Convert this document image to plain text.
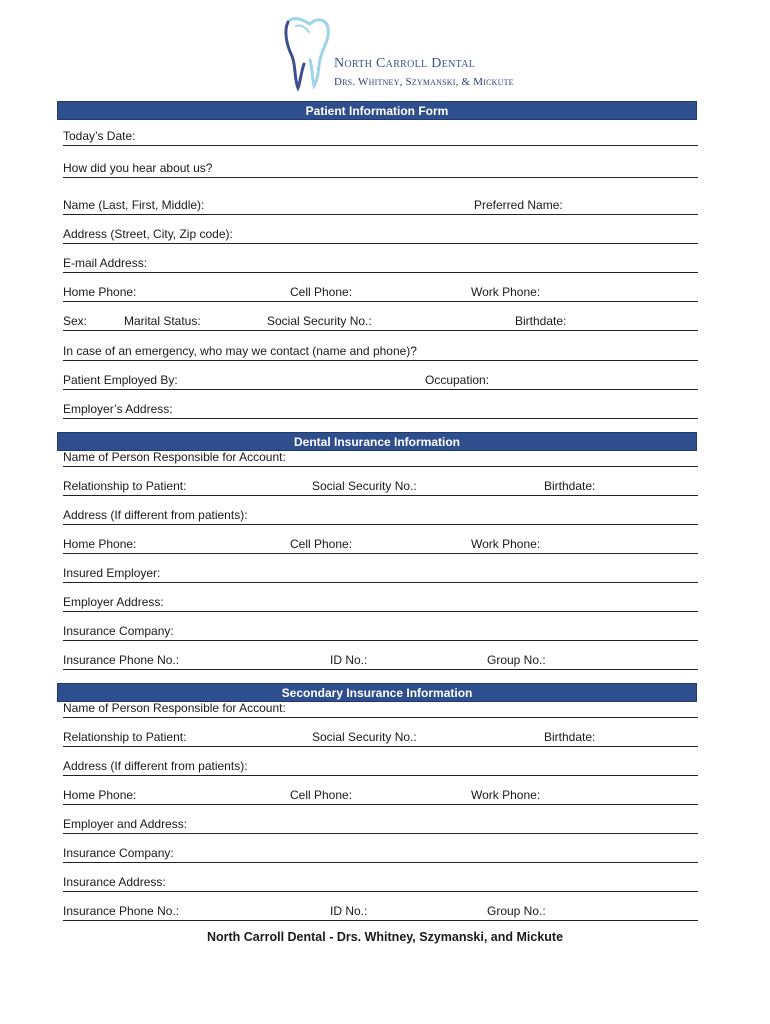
North Carroll Dental
Drs. Whitney, Szymanski, & Mickute
Patient Information Form
Today’s Date:
How did you hear about us?
Name (Last, First, Middle):	Preferred Name:
Address (Street, City, Zip code):
E-mail Address:
Home Phone:	Cell Phone:	Work Phone:
Sex:	Marital Status:	Social Security No.:	Birthdate:
In case of an emergency, who may we contact (name and phone)?
Patient Employed By:	Occupation:
Employer’s Address:
Dental Insurance Information
Name of Person Responsible for Account:
Relationship to Patient:	Social Security No.:	Birthdate:
Address (If different from patients):
Home Phone:	Cell Phone:	Work Phone:
Insured Employer:
Employer Address:
Insurance Company:
Insurance Phone No.:	ID No.:	Group No.:
Secondary Insurance Information
Name of Person Responsible for Account:
Relationship to Patient:	Social Security No.:	Birthdate:
Address (If different from patients):
Home Phone:	Cell Phone:	Work Phone:
Employer and Address:
Insurance Company:
Insurance Address:
Insurance Phone No.:	ID No.:	Group No.:
North Carroll Dental - Drs. Whitney, Szymanski, and Mickute
